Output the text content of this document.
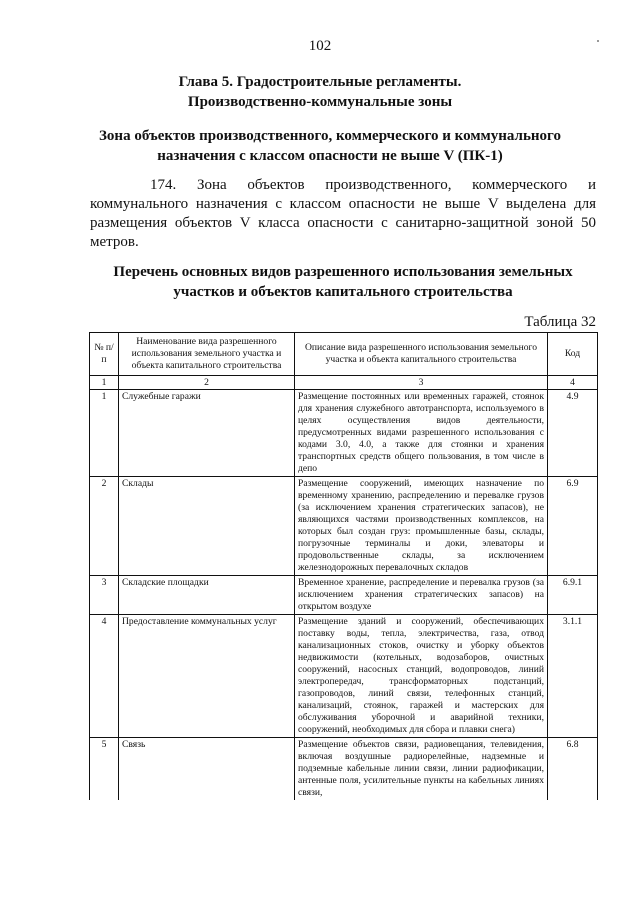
102
Глава 5. Градостроительные регламенты.
Производственно-коммунальные зоны
Зона объектов производственного, коммерческого и коммунального назначения с классом опасности не выше V (ПК-1)
174. Зона объектов производственного, коммерческого и коммунального назначения с классом опасности не выше V выделена для размещения объектов V класса опасности с санитарно-защитной зоной 50 метров.
Перечень основных видов разрешенного использования земельных участков и объектов капитального строительства
Таблица 32
№ п/п	Наименование вида разрешенного использования земельного участка и объекта капитального строительства	Описание вида разрешенного использования земельного участка и объекта капитального строительства	Код
1	2	3	4
1	Служебные гаражи	Размещение постоянных или временных гаражей, стоянок для хранения служебного автотранспорта, используемого в целях осуществления видов деятельности, предусмотренных видами разрешенного использования с кодами 3.0, 4.0, а также для стоянки и хранения транспортных средств общего пользования, в том числе в депо	4.9
2	Склады	Размещение сооружений, имеющих назначение по временному хранению, распределению и перевалке грузов (за исключением хранения стратегических запасов), не являющихся частями производственных комплексов, на которых был создан груз: промышленные базы, склады, погрузочные терминалы и доки, элеваторы и продовольственные склады, за исключением железнодорожных перевалочных складов	6.9
3	Складские площадки	Временное хранение, распределение и перевалка грузов (за исключением хранения стратегических запасов) на открытом воздухе	6.9.1
4	Предоставление коммунальных услуг	Размещение зданий и сооружений, обеспечивающих поставку воды, тепла, электричества, газа, отвод канализационных стоков, очистку и уборку объектов недвижимости (котельных, водозаборов, очистных сооружений, насосных станций, водопроводов, линий электропередач, трансформаторных подстанций, газопроводов, линий связи, телефонных станций, канализаций, стоянок, гаражей и мастерских для обслуживания уборочной и аварийной техники, сооружений, необходимых для сбора и плавки снега)	3.1.1
5	Связь	Размещение объектов связи, радиовещания, телевидения, включая воздушные радиорелейные, надземные и подземные кабельные линии связи, линии радиофикации, антенные поля, усилительные пункты на кабельных линиях связи,	6.8
